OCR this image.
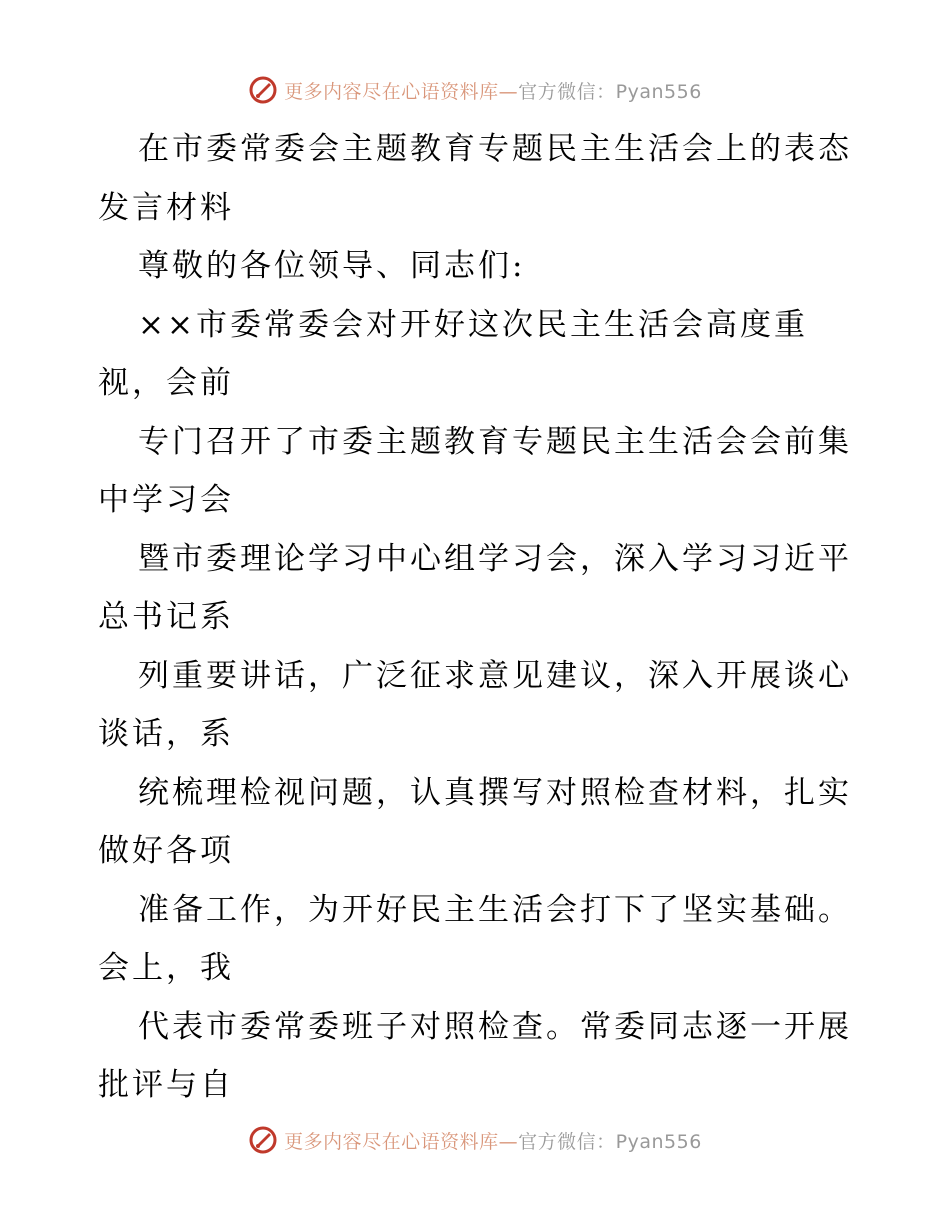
更多内容尽在心语资料库—官方微信：Pyan556
在市委常委会主题教育专题民主生活会上的表态
发言材料
尊敬的各位领导、同志们:
××市委常委会对开好这次民主生活会高度重
视，会前
专门召开了市委主题教育专题民主生活会会前集
中学习会
暨市委理论学习中心组学习会，深入学习习近平
总书记系
列重要讲话，广泛征求意见建议，深入开展谈心
谈话，系
统梳理检视问题，认真撰写对照检查材料，扎实
做好各项
准备工作，为开好民主生活会打下了坚实基础。
会上，我
代表市委常委班子对照检查。常委同志逐一开展
批评与自
更多内容尽在心语资料库—官方微信：Pyan556
